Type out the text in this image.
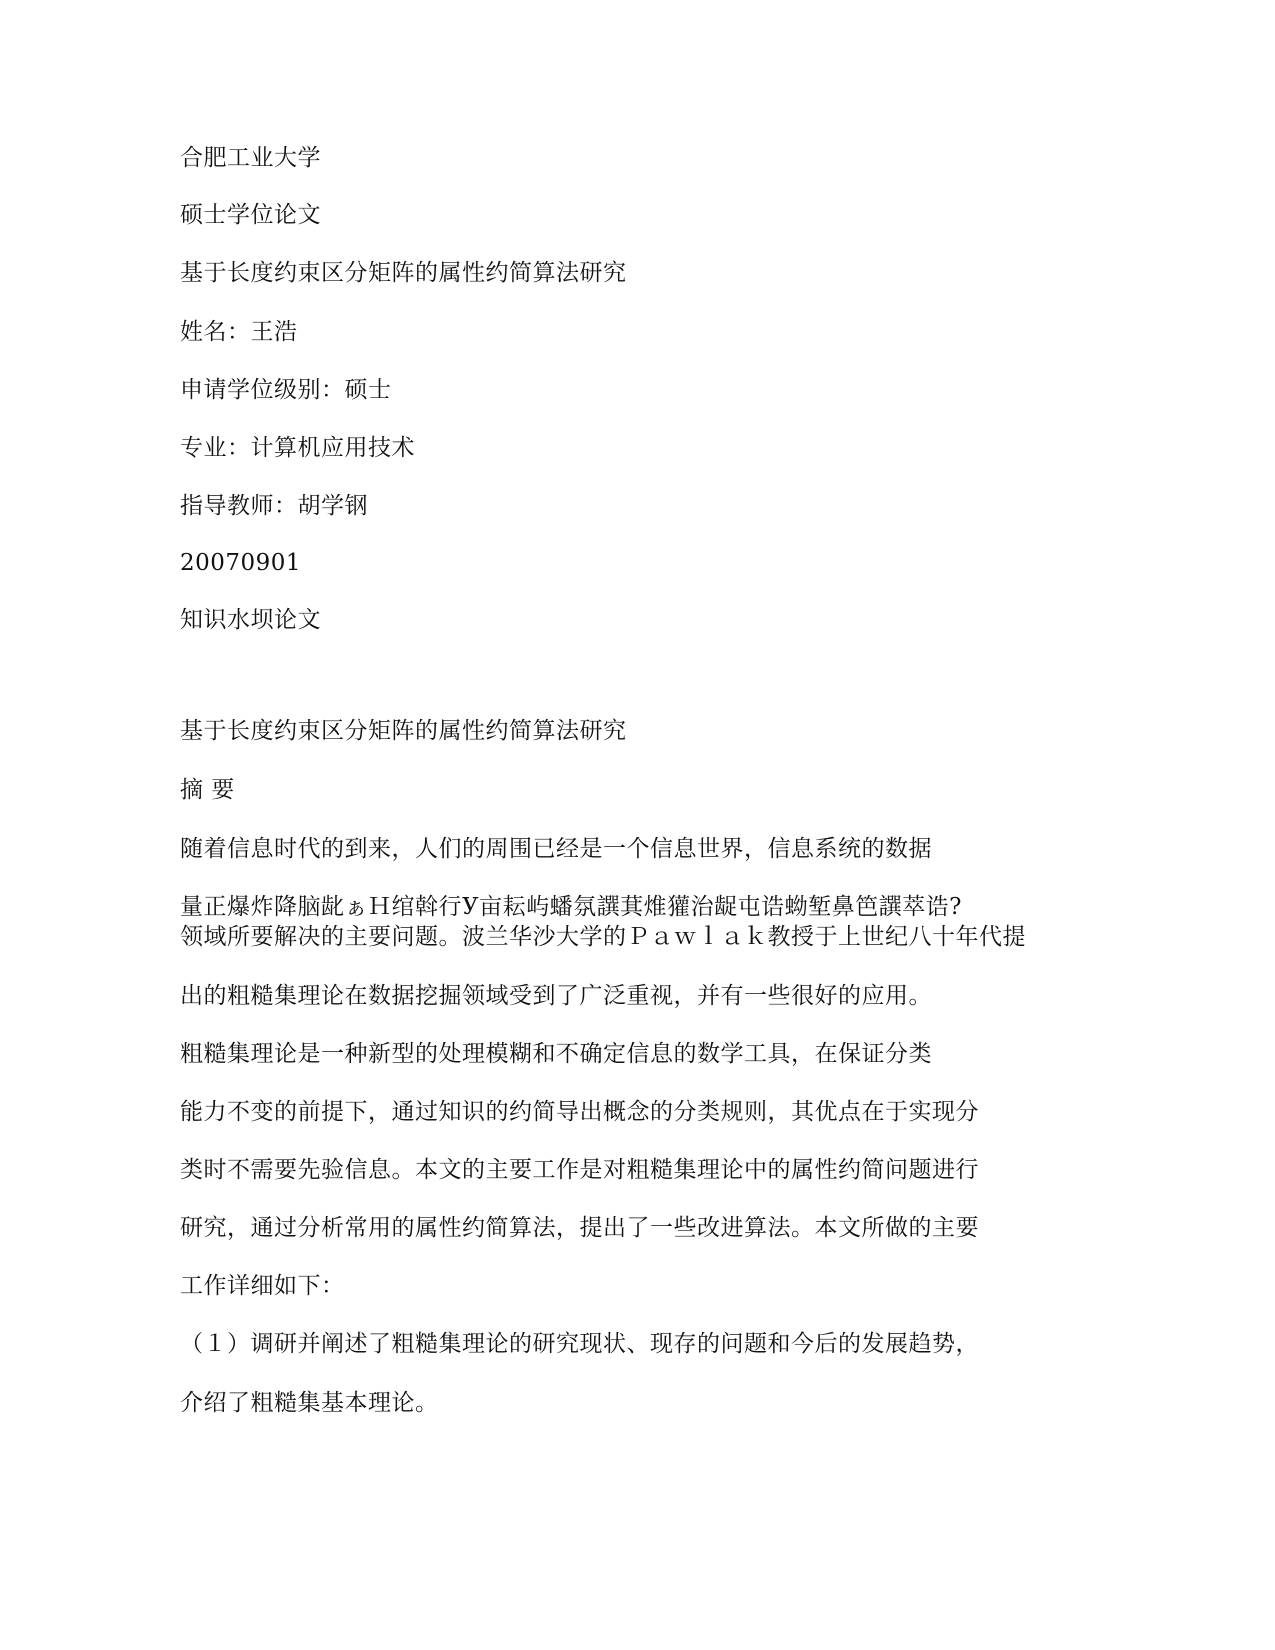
合肥工业大学
硕士学位论文
基于长度约束区分矩阵的属性约简算法研究
姓名：王浩
申请学位级别：硕士
专业：计算机应用技术
指导教师：胡学钢
20070901
知识水坝论文
基于长度约束区分矩阵的属性约简算法研究
摘 要
随着信息时代的到来，人们的周围已经是一个信息世界，信息系统的数据
量正爆炸降脑龀ぁＨ绾斡行У亩耘屿蟠氛譔萁焳獾治龊屯诰蚴堑鼻笆譔萃诰?
领域所要解决的主要问题。波兰华沙大学的Ｐａｗｌａｋ教授于上世纪八十年代提
出的粗糙集理论在数据挖掘领域受到了广泛重视，并有一些很好的应用。
粗糙集理论是一种新型的处理模糊和不确定信息的数学工具，在保证分类
能力不变的前提下，通过知识的约简导出概念的分类规则，其优点在于实现分
类时不需要先验信息。本文的主要工作是对粗糙集理论中的属性约简问题进行
研究，通过分析常用的属性约简算法，提出了一些改进算法。本文所做的主要
工作详细如下：
（１）调研并阐述了粗糙集理论的研究现状、现存的问题和今后的发展趋势，
介绍了粗糙集基本理论。
